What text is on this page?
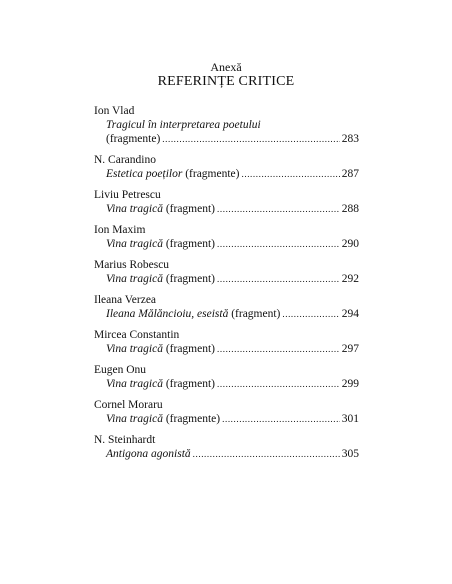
Anexă
REFERINȚE CRITICE
Ion Vlad
Tragicul în interpretarea poetului
(fragmente) .....	283
N. Carandino
Estetica poeților (fragmente) .....	287
Liviu Petrescu
Vina tragică (fragment) .....	288
Ion Maxim
Vina tragică (fragment) .....	290
Marius Robescu
Vina tragică (fragment) .....	292
Ileana Verzea
Ileana Mălăncioiu, eseistă (fragment) .....	294
Mircea Constantin
Vina tragică (fragment) .....	297
Eugen Onu
Vina tragică (fragment) .....	299
Cornel Moraru
Vina tragică (fragmente) .....	301
N. Steinhardt
Antigona agonistă .....	305
